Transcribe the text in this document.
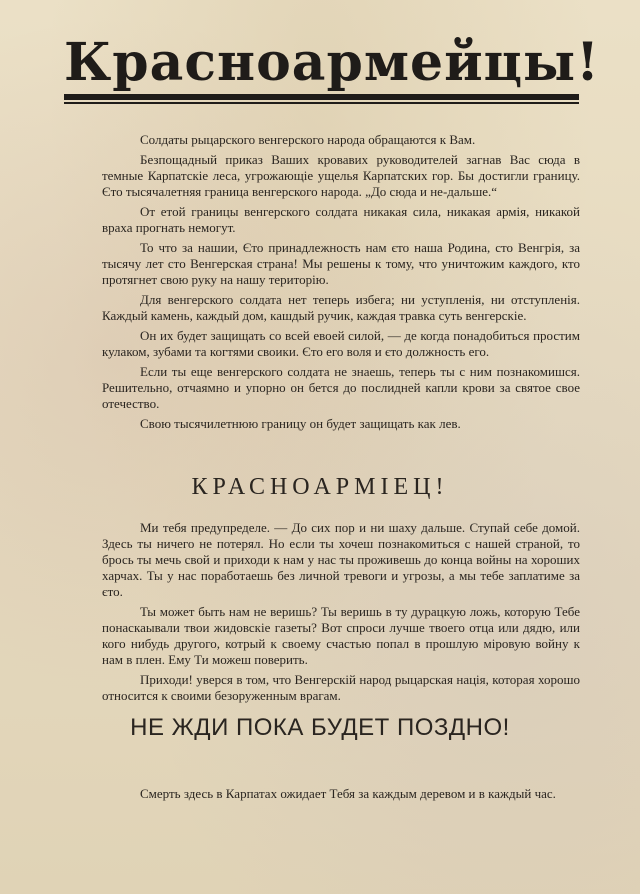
Красноармейцы!

Солдаты рыцарского венгерского народа обращаются к Вам.

Безпощадный приказ Ваших кровавих руководителей загнав Вас сюда в темные Карпатскіе леса, угрожающіе ущелья Карпатских гор. Бы достигли границу. Єто тысячалетняя граница венгерского народа. „До сюда и не-дальше.“

От етой границы венгерского солдата никакая сила, никакая армія, никакой враха прогнать немогут.

То что за нашии, Єто принадлежность нам єто наша Родина, сто Венгрія, за тысячу лет сто Венгерская страна! Мы решены к тому, что уничтожим каждого, кто протягнет свою руку на нашу територію.

Для венгерского солдата нет теперь избега; ни уступленія, ни отступленія. Каждый камень, каждый дом, кашдый ручик, каждая травка суть венгерскіе.

Он их будет защищать со всей евоей силой, — де когда понадобиться простим кулаком, зубами та когтями своики. Єто его воля и єто должность его.

Если ты еще венгерского солдата не знаешь, теперь ты с ним познакомишся. Решительно, отчаямно и упорно он бется до послидней капли крови за святое свое отечество.

Свою тысячилетнюю границу он будет защищать как лев.

КРАСНОАРМІЕЦ!

Ми тебя предупределе. — До сих пор и ни шаху дальше. Ступай себе домой. Здесь ты ничего не потерял. Но если ты хочеш познакомиться с нашей страной, то брось ты мечь свой и приходи к нам у нас ты проживешь до конца войны на хороших харчах. Ты у нас поработаешь без личной тревоги и угрозы, а мы тебе заплатиме за єто.

Ты может быть нам не веришь? Ты веришь в ту дурацкую ложь, которую Тебе понаскаывали твои жидовскіе газеты? Вот спроси лучше твоего отца или дядю, или кого нибудь другого, котрый к своему счастью попал в прошлую міровую войну к нам в плен. Ему Ти можеш поверить.

Приходи! уверся в том, что Венгерскій народ рыцарская нація, которая хорошо относится к своими безоруженным врагам.

НЕ ЖДИ ПОКА БУДЕТ ПОЗДНО!

Смерть здесь в Карпатах ожидает Тебя за каждым деревом и в каждый час.
